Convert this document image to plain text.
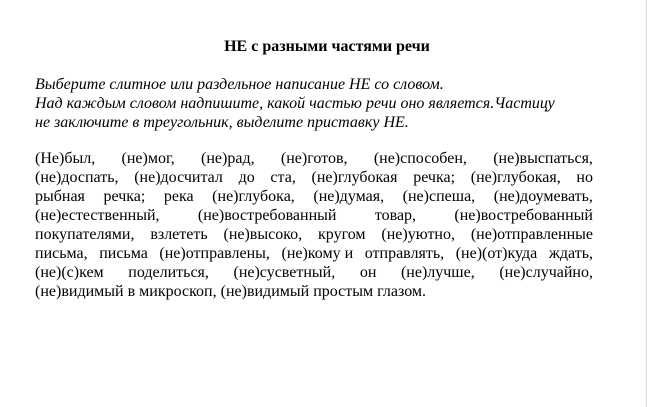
НЕ с разными частями речи
Выберите слитное или раздельное написание НЕ со словом.
Над каждым словом надпишите, какой частью речи оно является.Частицу
не заключите в треугольник, выделите приставку НЕ.
(Не)был, (не)мог, (не)рад, (не)готов, (не)способен, (не)выспаться,
(не)доспать, (не)досчитал до ста, (не)глубокая речка; (не)глубокая, но
рыбная речка; река (не)глубока, (не)думая, (не)спеша, (не)доумевать,
(не)естественный, (не)востребованный товар, (не)востребованный
покупателями, взлететь (не)высоко, кругом (не)уютно, (не)отправленные
письма, письма (не)отправлены, (не)кому и отправлять, (не)(от)куда ждать,
(не)(с)кем поделиться, (не)сусветный, он (не)лучше, (не)случайно,
(не)видимый в микроскоп, (не)видимый простым глазом.
